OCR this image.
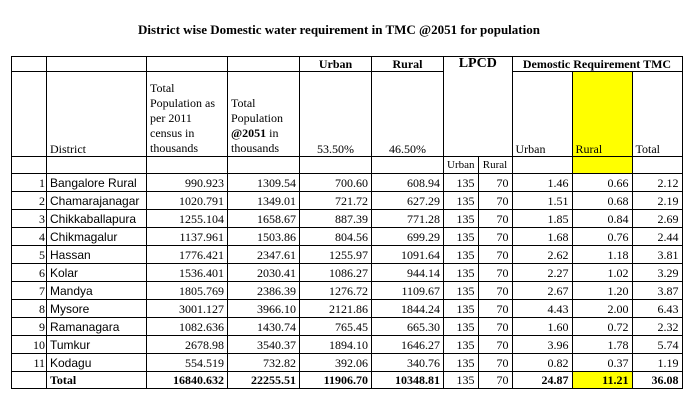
District wise Domestic water requirement in TMC @2051 for population
				Urban	Rural	LPCD		Demostic Requirement TMC		
	District	Total Population as per 2011 census in thousands	Total Population @2051 in thousands	53.50%	46.50%			Urban	Rural	Total
						Urban	Rural			
1	Bangalore Rural	990.923	1309.54	700.60	608.94	135	70	1.46	0.66	2.12
2	Chamarajanagar	1020.791	1349.01	721.72	627.29	135	70	1.51	0.68	2.19
3	Chikkaballapura	1255.104	1658.67	887.39	771.28	135	70	1.85	0.84	2.69
4	Chikmagalur	1137.961	1503.86	804.56	699.29	135	70	1.68	0.76	2.44
5	Hassan	1776.421	2347.61	1255.97	1091.64	135	70	2.62	1.18	3.81
6	Kolar	1536.401	2030.41	1086.27	944.14	135	70	2.27	1.02	3.29
7	Mandya	1805.769	2386.39	1276.72	1109.67	135	70	2.67	1.20	3.87
8	Mysore	3001.127	3966.10	2121.86	1844.24	135	70	4.43	2.00	6.43
9	Ramanagara	1082.636	1430.74	765.45	665.30	135	70	1.60	0.72	2.32
10	Tumkur	2678.98	3540.37	1894.10	1646.27	135	70	3.96	1.78	5.74
11	Kodagu	554.519	732.82	392.06	340.76	135	70	0.82	0.37	1.19
	Total	16840.632	22255.51	11906.70	10348.81	135	70	24.87	11.21	36.08
